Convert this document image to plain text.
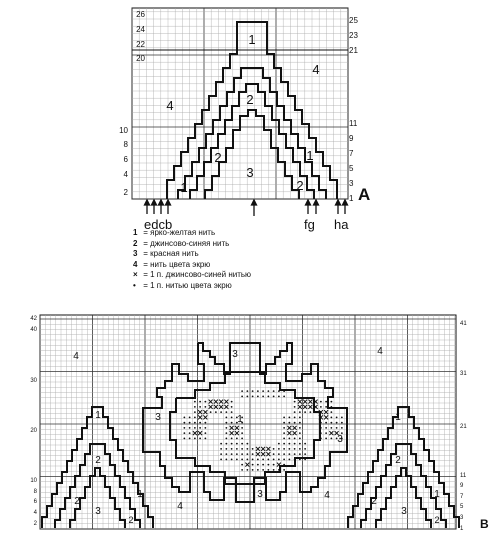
2
4
6
8
10
20
22
24
26
1
3
5
7
9
11
21
23
25
1
2
3
4
4
1
1
2
2	A
edcb	fg ha
2
4
6
8
10
20
30
40
42
1
3
5
7
9
11
21
31
41
4	4
4
4
3
3
3
3
1
1	1
2	2
2	2
3	3
1	1
2	2	B
1 = ярко-желтая нить
2 = джинсово-синяя нить
3 = красная нить
4 = нить цвета экрю
× = 1 п. джинсово-синей нитью
• = 1 п. нитью цвета экрю
